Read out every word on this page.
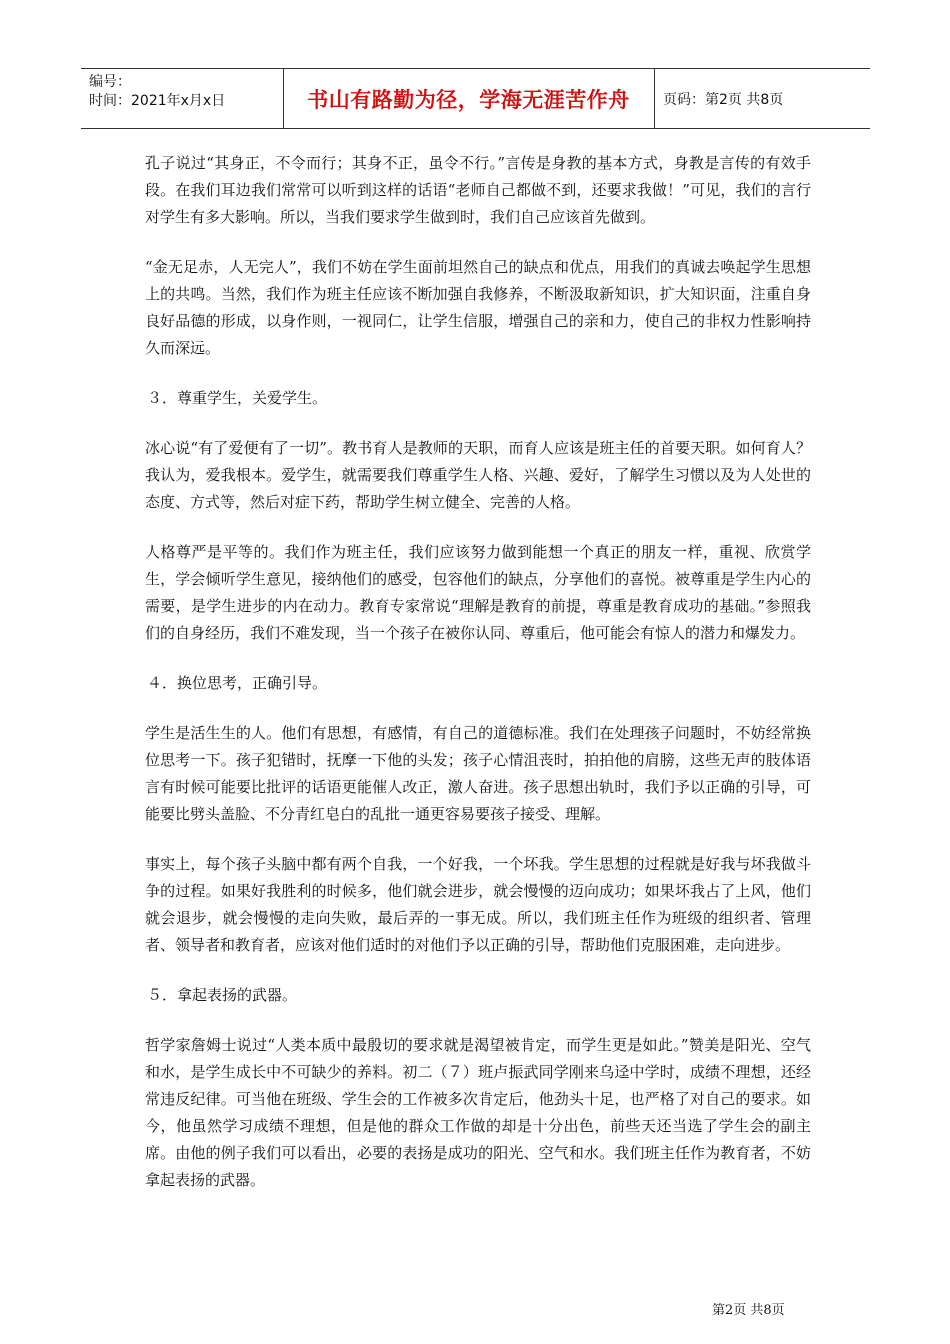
编号：
时间：2021年x月x日	书山有路勤为径，学海无涯苦作舟	页码：第2页 共8页

孔子说过“其身正，不令而行；其身不正，虽令不行。”言传是身教的基本方式，身教是言传的有效手段。在我们耳边我们常常可以听到这样的话语“老师自己都做不到，还要求我做！”可见，我们的言行对学生有多大影响。所以，当我们要求学生做到时，我们自己应该首先做到。

“金无足赤，人无完人”，我们不妨在学生面前坦然自己的缺点和优点，用我们的真诚去唤起学生思想上的共鸣。当然，我们作为班主任应该不断加强自我修养，不断汲取新知识，扩大知识面，注重自身良好品德的形成，以身作则，一视同仁，让学生信服，增强自己的亲和力，使自己的非权力性影响持久而深远。

３．尊重学生，关爱学生。

冰心说“有了爱便有了一切”。教书育人是教师的天职，而育人应该是班主任的首要天职。如何育人？我认为，爱我根本。爱学生，就需要我们尊重学生人格、兴趣、爱好，了解学生习惯以及为人处世的态度、方式等，然后对症下药，帮助学生树立健全、完善的人格。

人格尊严是平等的。我们作为班主任，我们应该努力做到能想一个真正的朋友一样，重视、欣赏学生，学会倾听学生意见，接纳他们的感受，包容他们的缺点，分享他们的喜悦。被尊重是学生内心的需要，是学生进步的内在动力。教育专家常说“理解是教育的前提，尊重是教育成功的基础。”参照我们的自身经历，我们不难发现，当一个孩子在被你认同、尊重后，他可能会有惊人的潜力和爆发力。

４．换位思考，正确引导。

学生是活生生的人。他们有思想，有感情，有自己的道德标准。我们在处理孩子问题时，不妨经常换位思考一下。孩子犯错时，抚摩一下他的头发；孩子心情沮丧时，拍拍他的肩膀，这些无声的肢体语言有时候可能要比批评的话语更能催人改正，激人奋进。孩子思想出轨时，我们予以正确的引导，可能要比劈头盖脸、不分青红皂白的乱批一通更容易要孩子接受、理解。

事实上，每个孩子头脑中都有两个自我，一个好我，一个坏我。学生思想的过程就是好我与坏我做斗争的过程。如果好我胜利的时候多，他们就会进步，就会慢慢的迈向成功；如果坏我占了上风，他们就会退步，就会慢慢的走向失败，最后弄的一事无成。所以，我们班主任作为班级的组织者、管理者、领导者和教育者，应该对他们适时的对他们予以正确的引导，帮助他们克服困难，走向进步。

５．拿起表扬的武器。

哲学家詹姆士说过“人类本质中最殷切的要求就是渴望被肯定，而学生更是如此。”赞美是阳光、空气和水，是学生成长中不可缺少的养料。初二（７）班卢振武同学刚来乌迳中学时，成绩不理想，还经常违反纪律。可当他在班级、学生会的工作被多次肯定后，他劲头十足，也严格了对自己的要求。如今，他虽然学习成绩不理想，但是他的群众工作做的却是十分出色，前些天还当选了学生会的副主席。由他的例子我们可以看出，必要的表扬是成功的阳光、空气和水。我们班主任作为教育者，不妨拿起表扬的武器。

第2页 共8页
